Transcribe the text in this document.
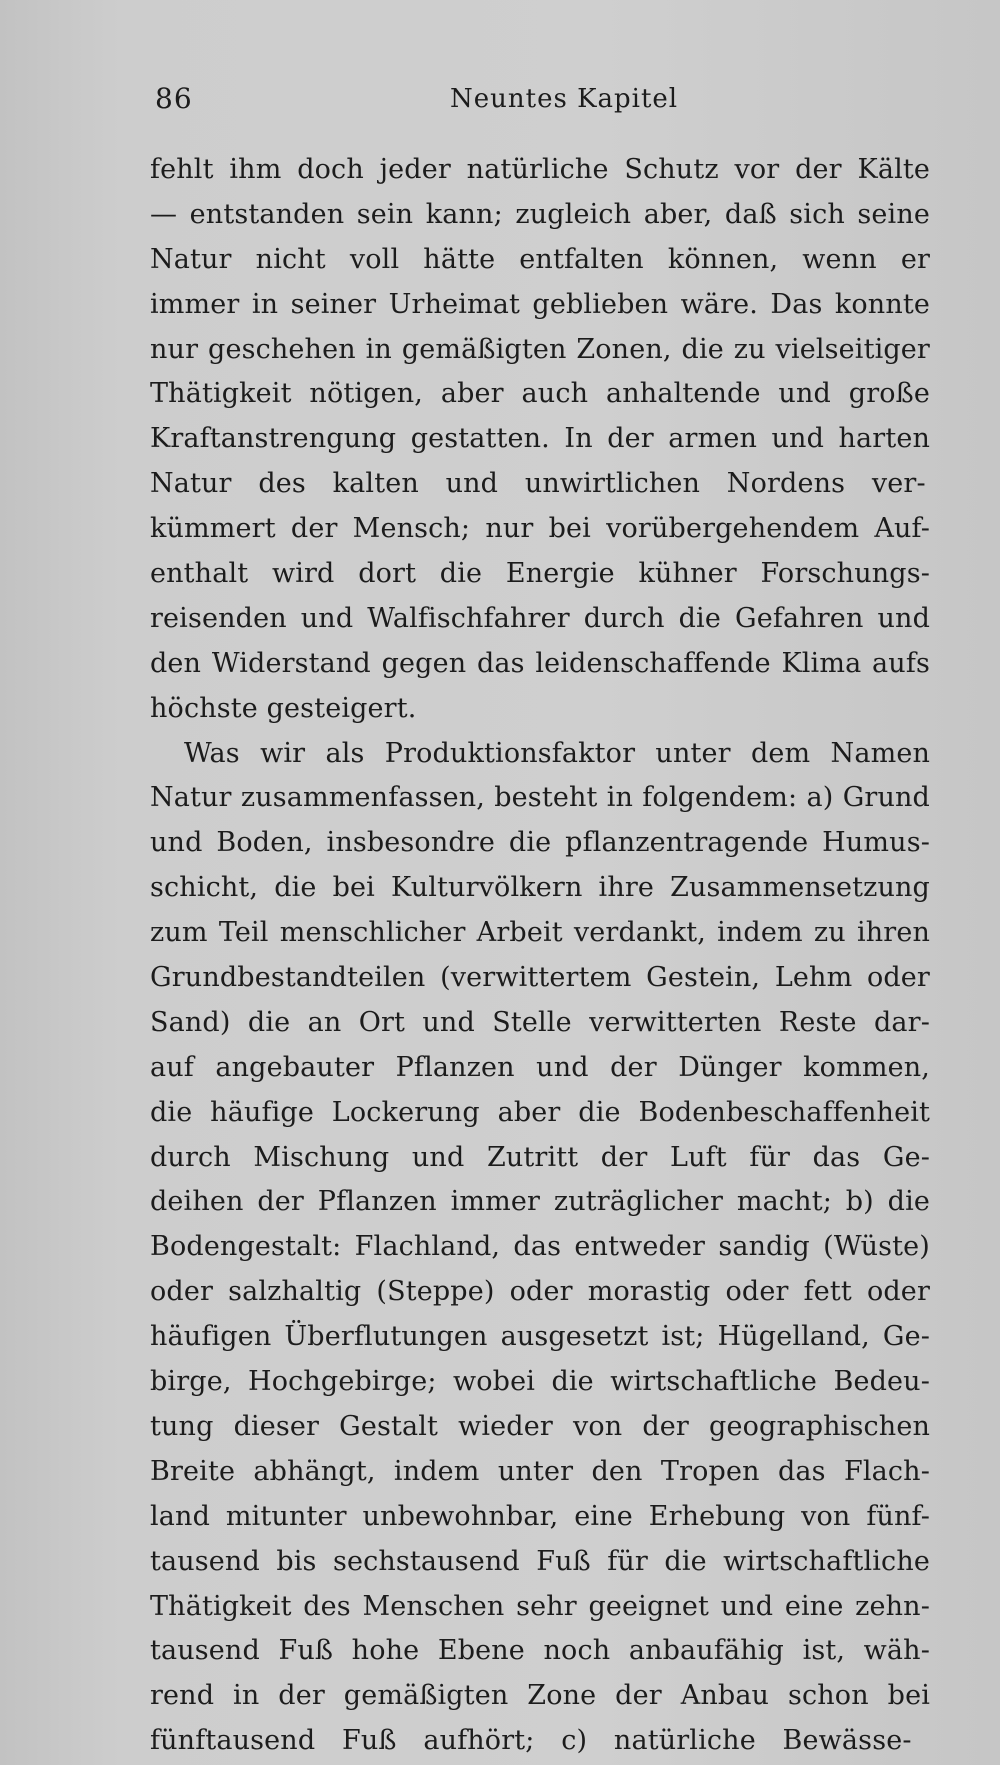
86	Neuntes Kapitel
fehlt ihm doch jeder natürliche Schutz vor der Kälte
— entstanden sein kann; zugleich aber, daß sich seine
Natur nicht voll hätte entfalten können, wenn er
immer in seiner Urheimat geblieben wäre. Das konnte
nur geschehen in gemäßigten Zonen, die zu vielseitiger
Thätigkeit nötigen, aber auch anhaltende und große
Kraftanstrengung gestatten. In der armen und harten
Natur des kalten und unwirtlichen Nordens ver-
kümmert der Mensch; nur bei vorübergehendem Auf-
enthalt wird dort die Energie kühner Forschungs-
reisenden und Walfischfahrer durch die Gefahren und
den Widerstand gegen das leidenschaffende Klima aufs
höchste gesteigert.
Was wir als Produktionsfaktor unter dem Namen
Natur zusammenfassen, besteht in folgendem: a) Grund
und Boden, insbesondre die pflanzentragende Humus-
schicht, die bei Kulturvölkern ihre Zusammensetzung
zum Teil menschlicher Arbeit verdankt, indem zu ihren
Grundbestandteilen (verwittertem Gestein, Lehm oder
Sand) die an Ort und Stelle verwitterten Reste dar-
auf angebauter Pflanzen und der Dünger kommen,
die häufige Lockerung aber die Bodenbeschaffenheit
durch Mischung und Zutritt der Luft für das Ge-
deihen der Pflanzen immer zuträglicher macht; b) die
Bodengestalt: Flachland, das entweder sandig (Wüste)
oder salzhaltig (Steppe) oder morastig oder fett oder
häufigen Überflutungen ausgesetzt ist; Hügelland, Ge-
birge, Hochgebirge; wobei die wirtschaftliche Bedeu-
tung dieser Gestalt wieder von der geographischen
Breite abhängt, indem unter den Tropen das Flach-
land mitunter unbewohnbar, eine Erhebung von fünf-
tausend bis sechstausend Fuß für die wirtschaftliche
Thätigkeit des Menschen sehr geeignet und eine zehn-
tausend Fuß hohe Ebene noch anbaufähig ist, wäh-
rend in der gemäßigten Zone der Anbau schon bei
fünftausend Fuß aufhört; c) natürliche Bewässe-
